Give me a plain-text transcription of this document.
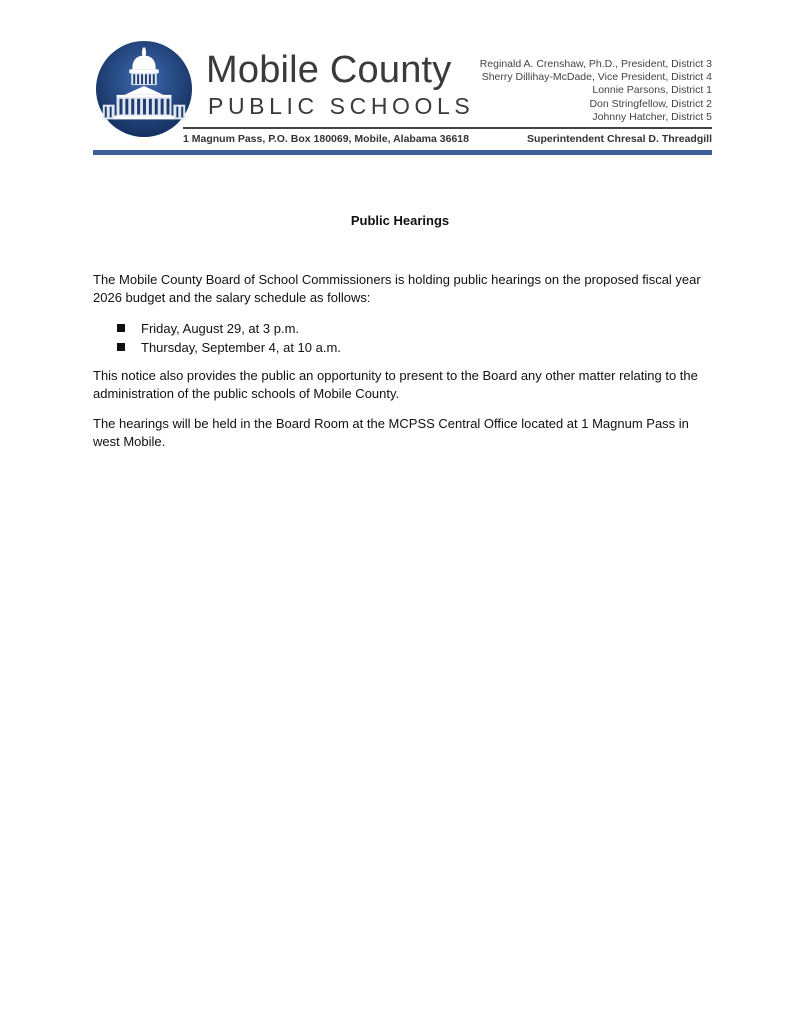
Mobile County
PUBLIC SCHOOLS
Reginald A. Crenshaw, Ph.D., President, District 3
Sherry Dillihay-McDade, Vice President, District 4
Lonnie Parsons, District 1
Don Stringfellow, District 2
Johnny Hatcher, District 5
1 Magnum Pass, P.O. Box 180069, Mobile, Alabama 36618	Superintendent Chresal D. Threadgill
Public Hearings
The Mobile County Board of School Commissioners is holding public hearings on the proposed fiscal year 2026 budget and the salary schedule as follows:
Friday, August 29, at 3 p.m.
Thursday, September 4, at 10 a.m.
This notice also provides the public an opportunity to present to the Board any other matter relating to the administration of the public schools of Mobile County.
The hearings will be held in the Board Room at the MCPSS Central Office located at 1 Magnum Pass in west Mobile.
